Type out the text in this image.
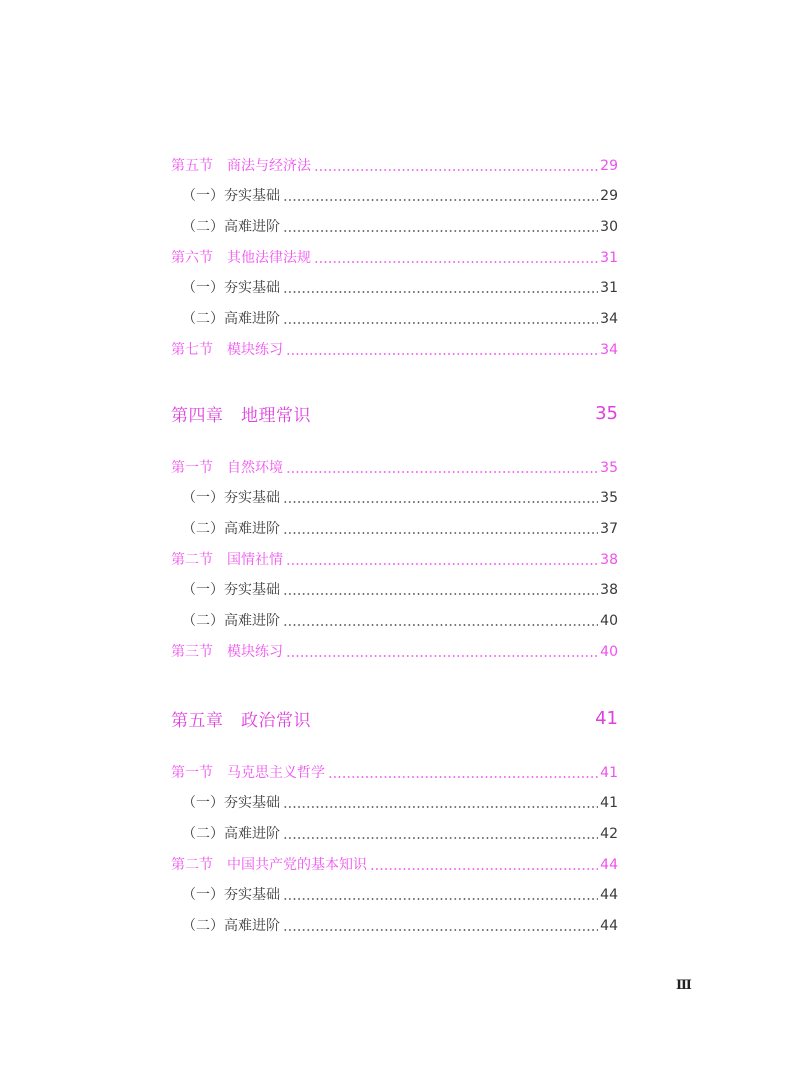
第五节　商法与经济法	29
（一）夯实基础	29
（二）高难进阶	30
第六节　其他法律法规	31
（一）夯实基础	31
（二）高难进阶	34
第七节　模块练习	34
第四章　地理常识	35
第一节　自然环境	35
（一）夯实基础	35
（二）高难进阶	37
第二节　国情社情	38
（一）夯实基础	38
（二）高难进阶	40
第三节　模块练习	40
第五章　政治常识	41
第一节　马克思主义哲学	41
（一）夯实基础	41
（二）高难进阶	42
第二节　中国共产党的基本知识	44
（一）夯实基础	44
（二）高难进阶	44
Ⅲ
